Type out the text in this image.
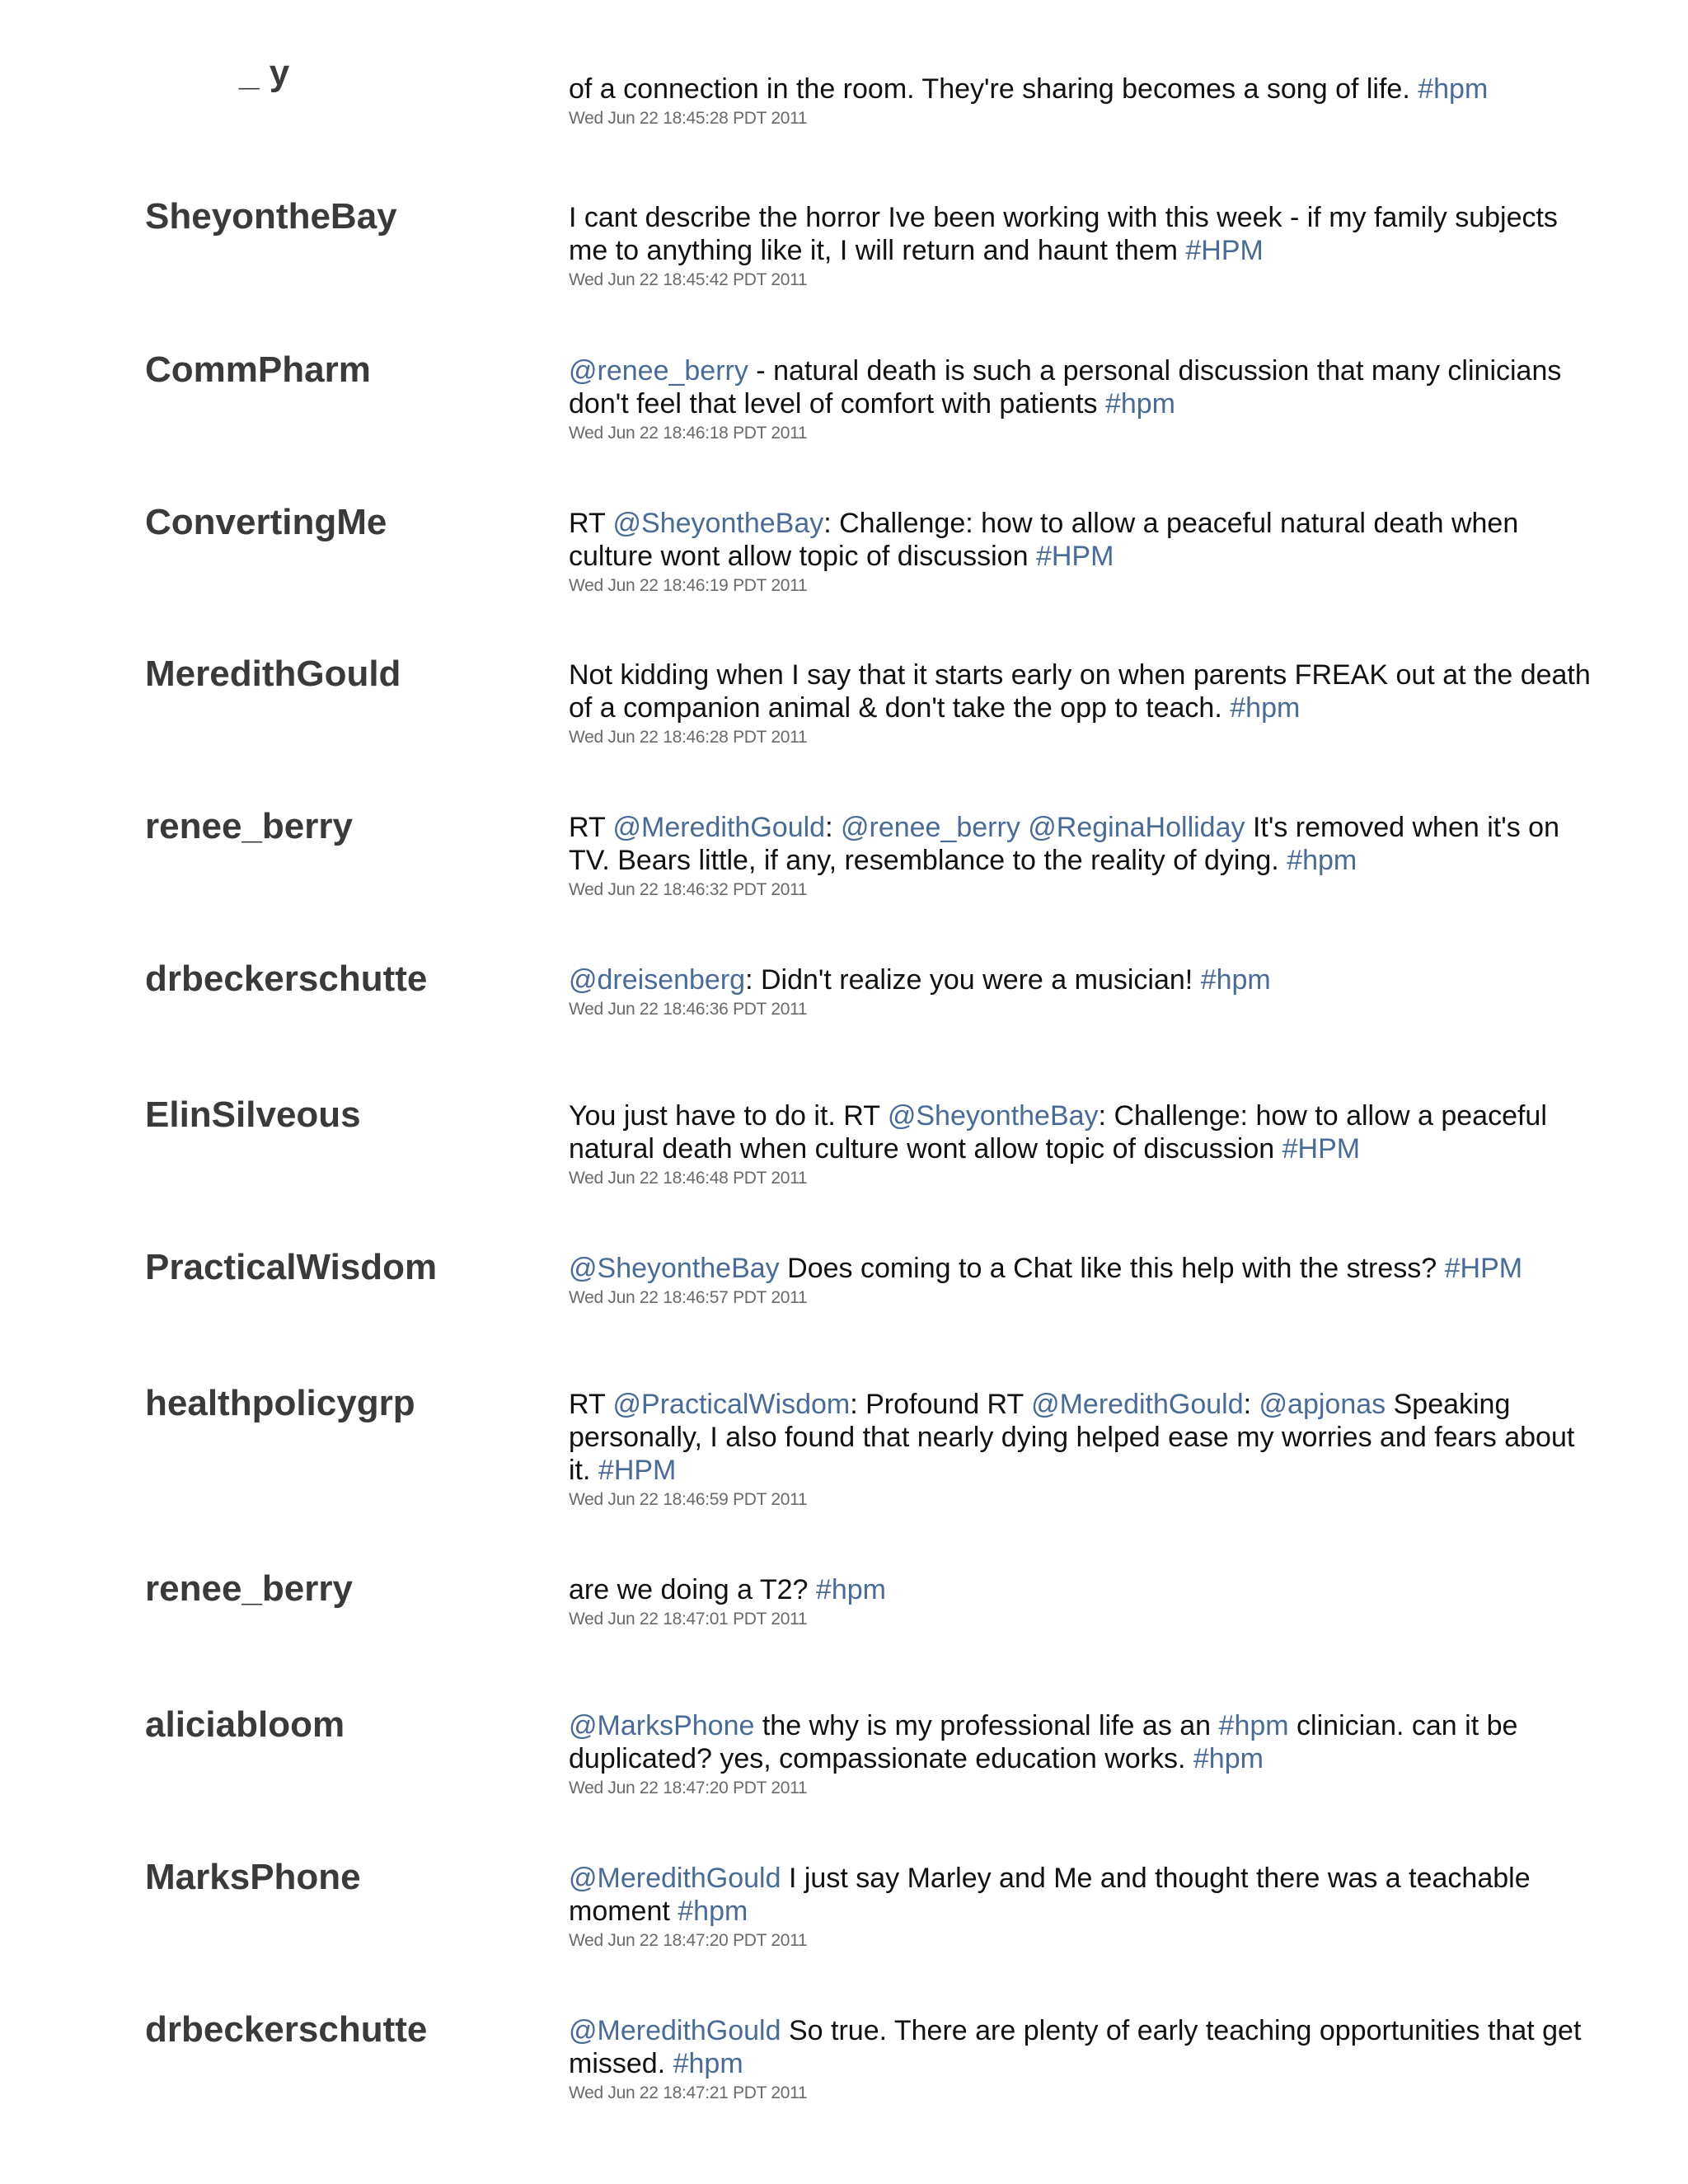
_ y	of a connection in the room. They're sharing becomes a song of life. #hpm
Wed Jun 22 18:45:28 PDT 2011
SheyontheBay	I cant describe the horror Ive been working with this week - if my family subjects me to anything like it, I will return and haunt them #HPM
Wed Jun 22 18:45:42 PDT 2011
CommPharm	@renee_berry - natural death is such a personal discussion that many clinicians don't feel that level of comfort with patients #hpm
Wed Jun 22 18:46:18 PDT 2011
ConvertingMe	RT @SheyontheBay: Challenge: how to allow a peaceful natural death when culture wont allow topic of discussion #HPM
Wed Jun 22 18:46:19 PDT 2011
MeredithGould	Not kidding when I say that it starts early on when parents FREAK out at the death of a companion animal & don't take the opp to teach. #hpm
Wed Jun 22 18:46:28 PDT 2011
renee_berry	RT @MeredithGould: @renee_berry @ReginaHolliday It's removed when it's on TV. Bears little, if any, resemblance to the reality of dying. #hpm
Wed Jun 22 18:46:32 PDT 2011
drbeckerschutte	@dreisenberg: Didn't realize you were a musician! #hpm
Wed Jun 22 18:46:36 PDT 2011
ElinSilveous	You just have to do it. RT @SheyontheBay: Challenge: how to allow a peaceful natural death when culture wont allow topic of discussion #HPM
Wed Jun 22 18:46:48 PDT 2011
PracticalWisdom	@SheyontheBay Does coming to a Chat like this help with the stress? #HPM
Wed Jun 22 18:46:57 PDT 2011
healthpolicygrp	RT @PracticalWisdom: Profound RT @MeredithGould: @apjonas Speaking personally, I also found that nearly dying helped ease my worries and fears about it. #HPM
Wed Jun 22 18:46:59 PDT 2011
renee_berry	are we doing a T2? #hpm
Wed Jun 22 18:47:01 PDT 2011
aliciabloom	@MarksPhone the why is my professional life as an #hpm clinician. can it be duplicated? yes, compassionate education works. #hpm
Wed Jun 22 18:47:20 PDT 2011
MarksPhone	@MeredithGould I just say Marley and Me and thought there was a teachable moment #hpm
Wed Jun 22 18:47:20 PDT 2011
drbeckerschutte	@MeredithGould So true. There are plenty of early teaching opportunities that get missed. #hpm
Wed Jun 22 18:47:21 PDT 2011
